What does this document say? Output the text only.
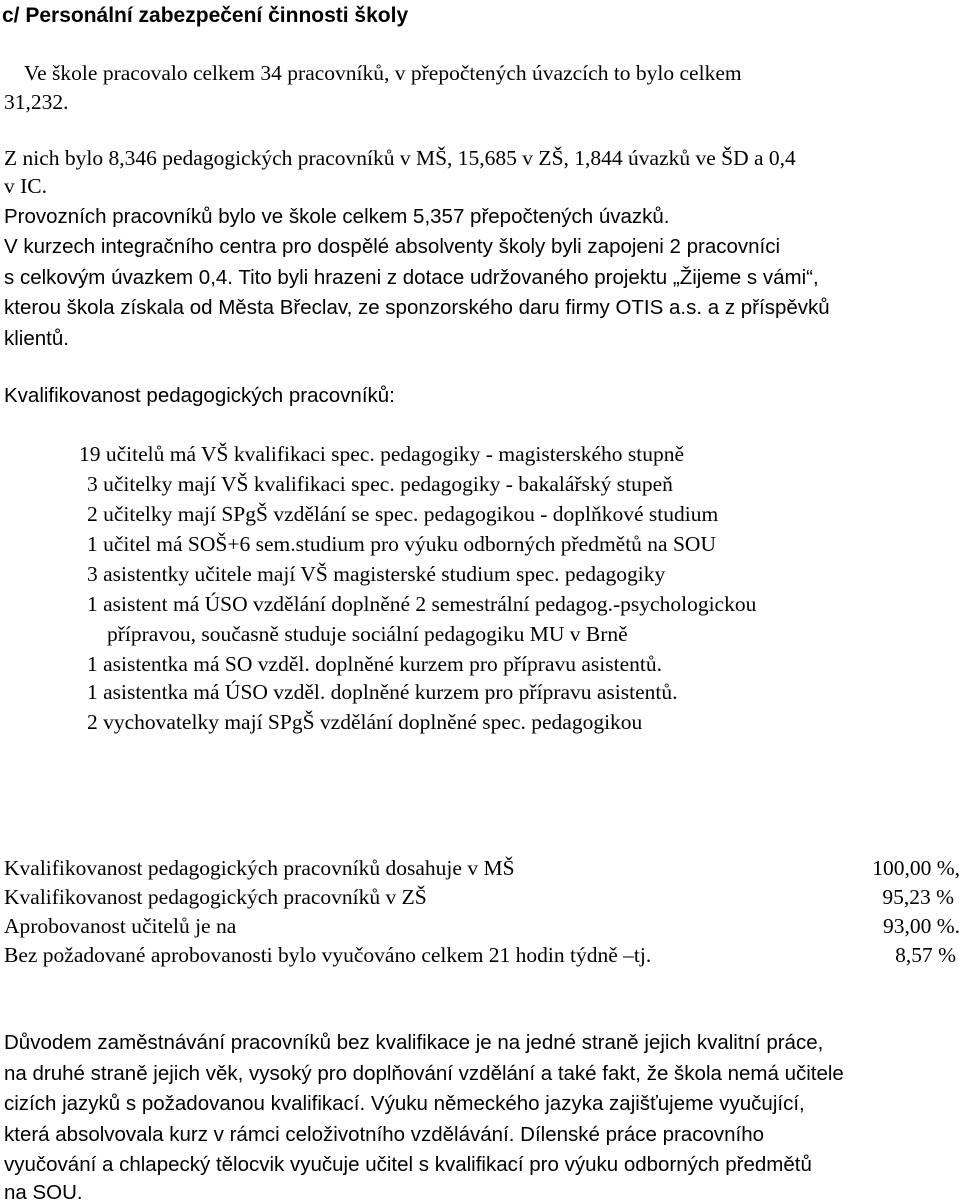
c/ Personální zabezpečení činnosti školy
Ve škole pracovalo celkem 34 pracovníků, v přepočtených úvazcích to bylo celkem
31,232.
Z nich bylo 8,346 pedagogických pracovníků v MŠ, 15,685 v ZŠ, 1,844 úvazků ve ŠD a 0,4
v IC.
Provozních pracovníků bylo ve škole celkem 5,357 přepočtených úvazků.
V kurzech integračního centra pro dospělé absolventy školy byli zapojeni 2 pracovníci
s celkovým úvazkem 0,4. Tito byli hrazeni z dotace udržovaného projektu „Žijeme s vámi“,
kterou škola získala od Města Břeclav, ze sponzorského daru firmy OTIS a.s. a z příspěvků
klientů.
Kvalifikovanost pedagogických pracovníků:
19 učitelů má VŠ kvalifikaci spec. pedagogiky - magisterského stupně
3 učitelky mají VŠ kvalifikaci spec. pedagogiky - bakalářský stupeň
2 učitelky mají SPgŠ vzdělání se spec. pedagogikou - doplňkové studium
1 učitel má SOŠ+6 sem.studium pro výuku odborných předmětů na SOU
3 asistentky učitele mají VŠ magisterské studium spec. pedagogiky
1 asistent má ÚSO vzdělání doplněné 2 semestrální pedagog.-psychologickou
přípravou, současně studuje sociální pedagogiku MU v Brně
1 asistentka má SO vzděl. doplněné kurzem pro přípravu asistentů.
1 asistentka má ÚSO vzděl. doplněné kurzem pro přípravu asistentů.
2 vychovatelky mají SPgŠ vzdělání doplněné spec. pedagogikou
Kvalifikovanost pedagogických pracovníků dosahuje v MŠ	100,00 %,
Kvalifikovanost pedagogických pracovníků v ZŠ	95,23 %
Aprobovanost učitelů je na	93,00 %.
Bez požadované aprobovanosti bylo vyučováno celkem 21 hodin týdně –tj.	8,57 %
Důvodem zaměstnávání pracovníků bez kvalifikace je na jedné straně jejich kvalitní práce,
na druhé straně jejich věk, vysoký pro doplňování vzdělání a také fakt, že škola nemá učitele
cizích jazyků s požadovanou kvalifikací. Výuku německého jazyka zajišťujeme vyučující,
která absolvovala kurz v rámci celoživotního vzdělávání. Dílenské práce pracovního
vyučování a chlapecký tělocvik vyučuje učitel s kvalifikací pro výuku odborných předmětů
na SOU.
